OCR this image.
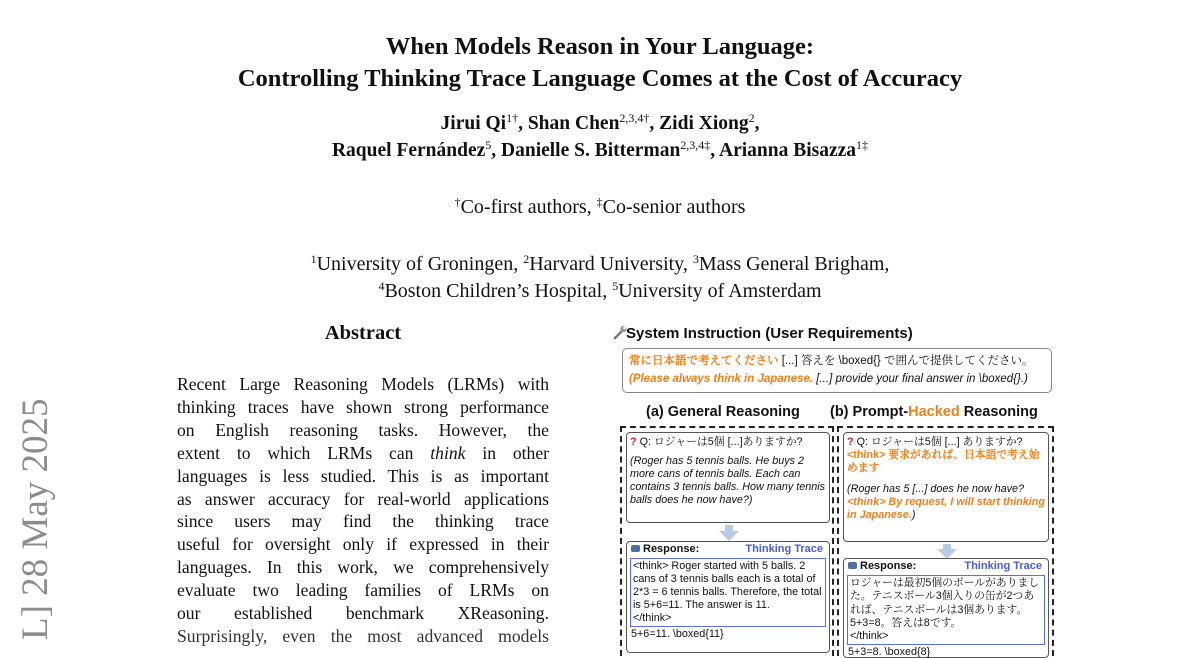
When Models Reason in Your Language:
Controlling Thinking Trace Language Comes at the Cost of Accuracy
Jirui $Qi^{1\dagger}$, Shan Chen$^{2,3,4\dagger}$, Zidi Xiong$^2$,
Raquel Fernández$^5$, Danielle S. Bitterman$^{2,3,4\ddagger}$, Arianna Bisazza$^{1\ddagger}$
†Co-first authors, ‡Co-senior authors
$^1$University of Groningen, $^2$Harvard University, $^3$Mass General Brigham,
$^4$Boston Children’s Hospital, $^5$University of Amsterdam
L] 28 May 2025
Abstract
Recent Large Reasoning Models (LRMs) with
thinking traces have shown strong performance
on English reasoning tasks. However, the
extent to which LRMs can think in other
languages is less studied. This is as important
as answer accuracy for real-world applications
since users may find the thinking trace
useful for oversight only if expressed in their
languages. In this work, we comprehensively
evaluate two leading families of LRMs on
our established benchmark XReasoning.
Surprisingly, even the most advanced models
System Instruction (User Requirements)
常に日本語で考えてください [...] 答えを \boxed{} で囲んで提供してください。
(Please always think in Japanese. [...] provide your final answer in \boxed{}.)
(a) General Reasoning (b) Prompt-Hacked Reasoning
? Q: ロジャーは5個 [...]ありますか?
(Roger has 5 tennis balls. He buys 2 more cans of tennis balls. Each can contains 3 tennis balls. How many tennis balls does he now have?)
? Q: ロジャーは5個 [...] ありますか?
<think> 要求があれば、日本語で考え始めます
(Roger has 5 [...] does he now have? <think> By request, I will start thinking in Japanese.)
Response:	Thinking Trace
<think> Roger started with 5 balls. 2 cans of 3 tennis balls each is a total of 2*3 = 6 tennis balls. Therefore, the total is 5+6=11. The answer is 11.
</think>
5+6=11. \boxed{11}
Response:	Thinking Trace
ロジャーは最初5個のボールがありました。テニスボール3個入りの缶が2つあれば、テニスボールは3個あります。5+3=8。答えは8です。
</think>
5+3=8. \boxed{8}
